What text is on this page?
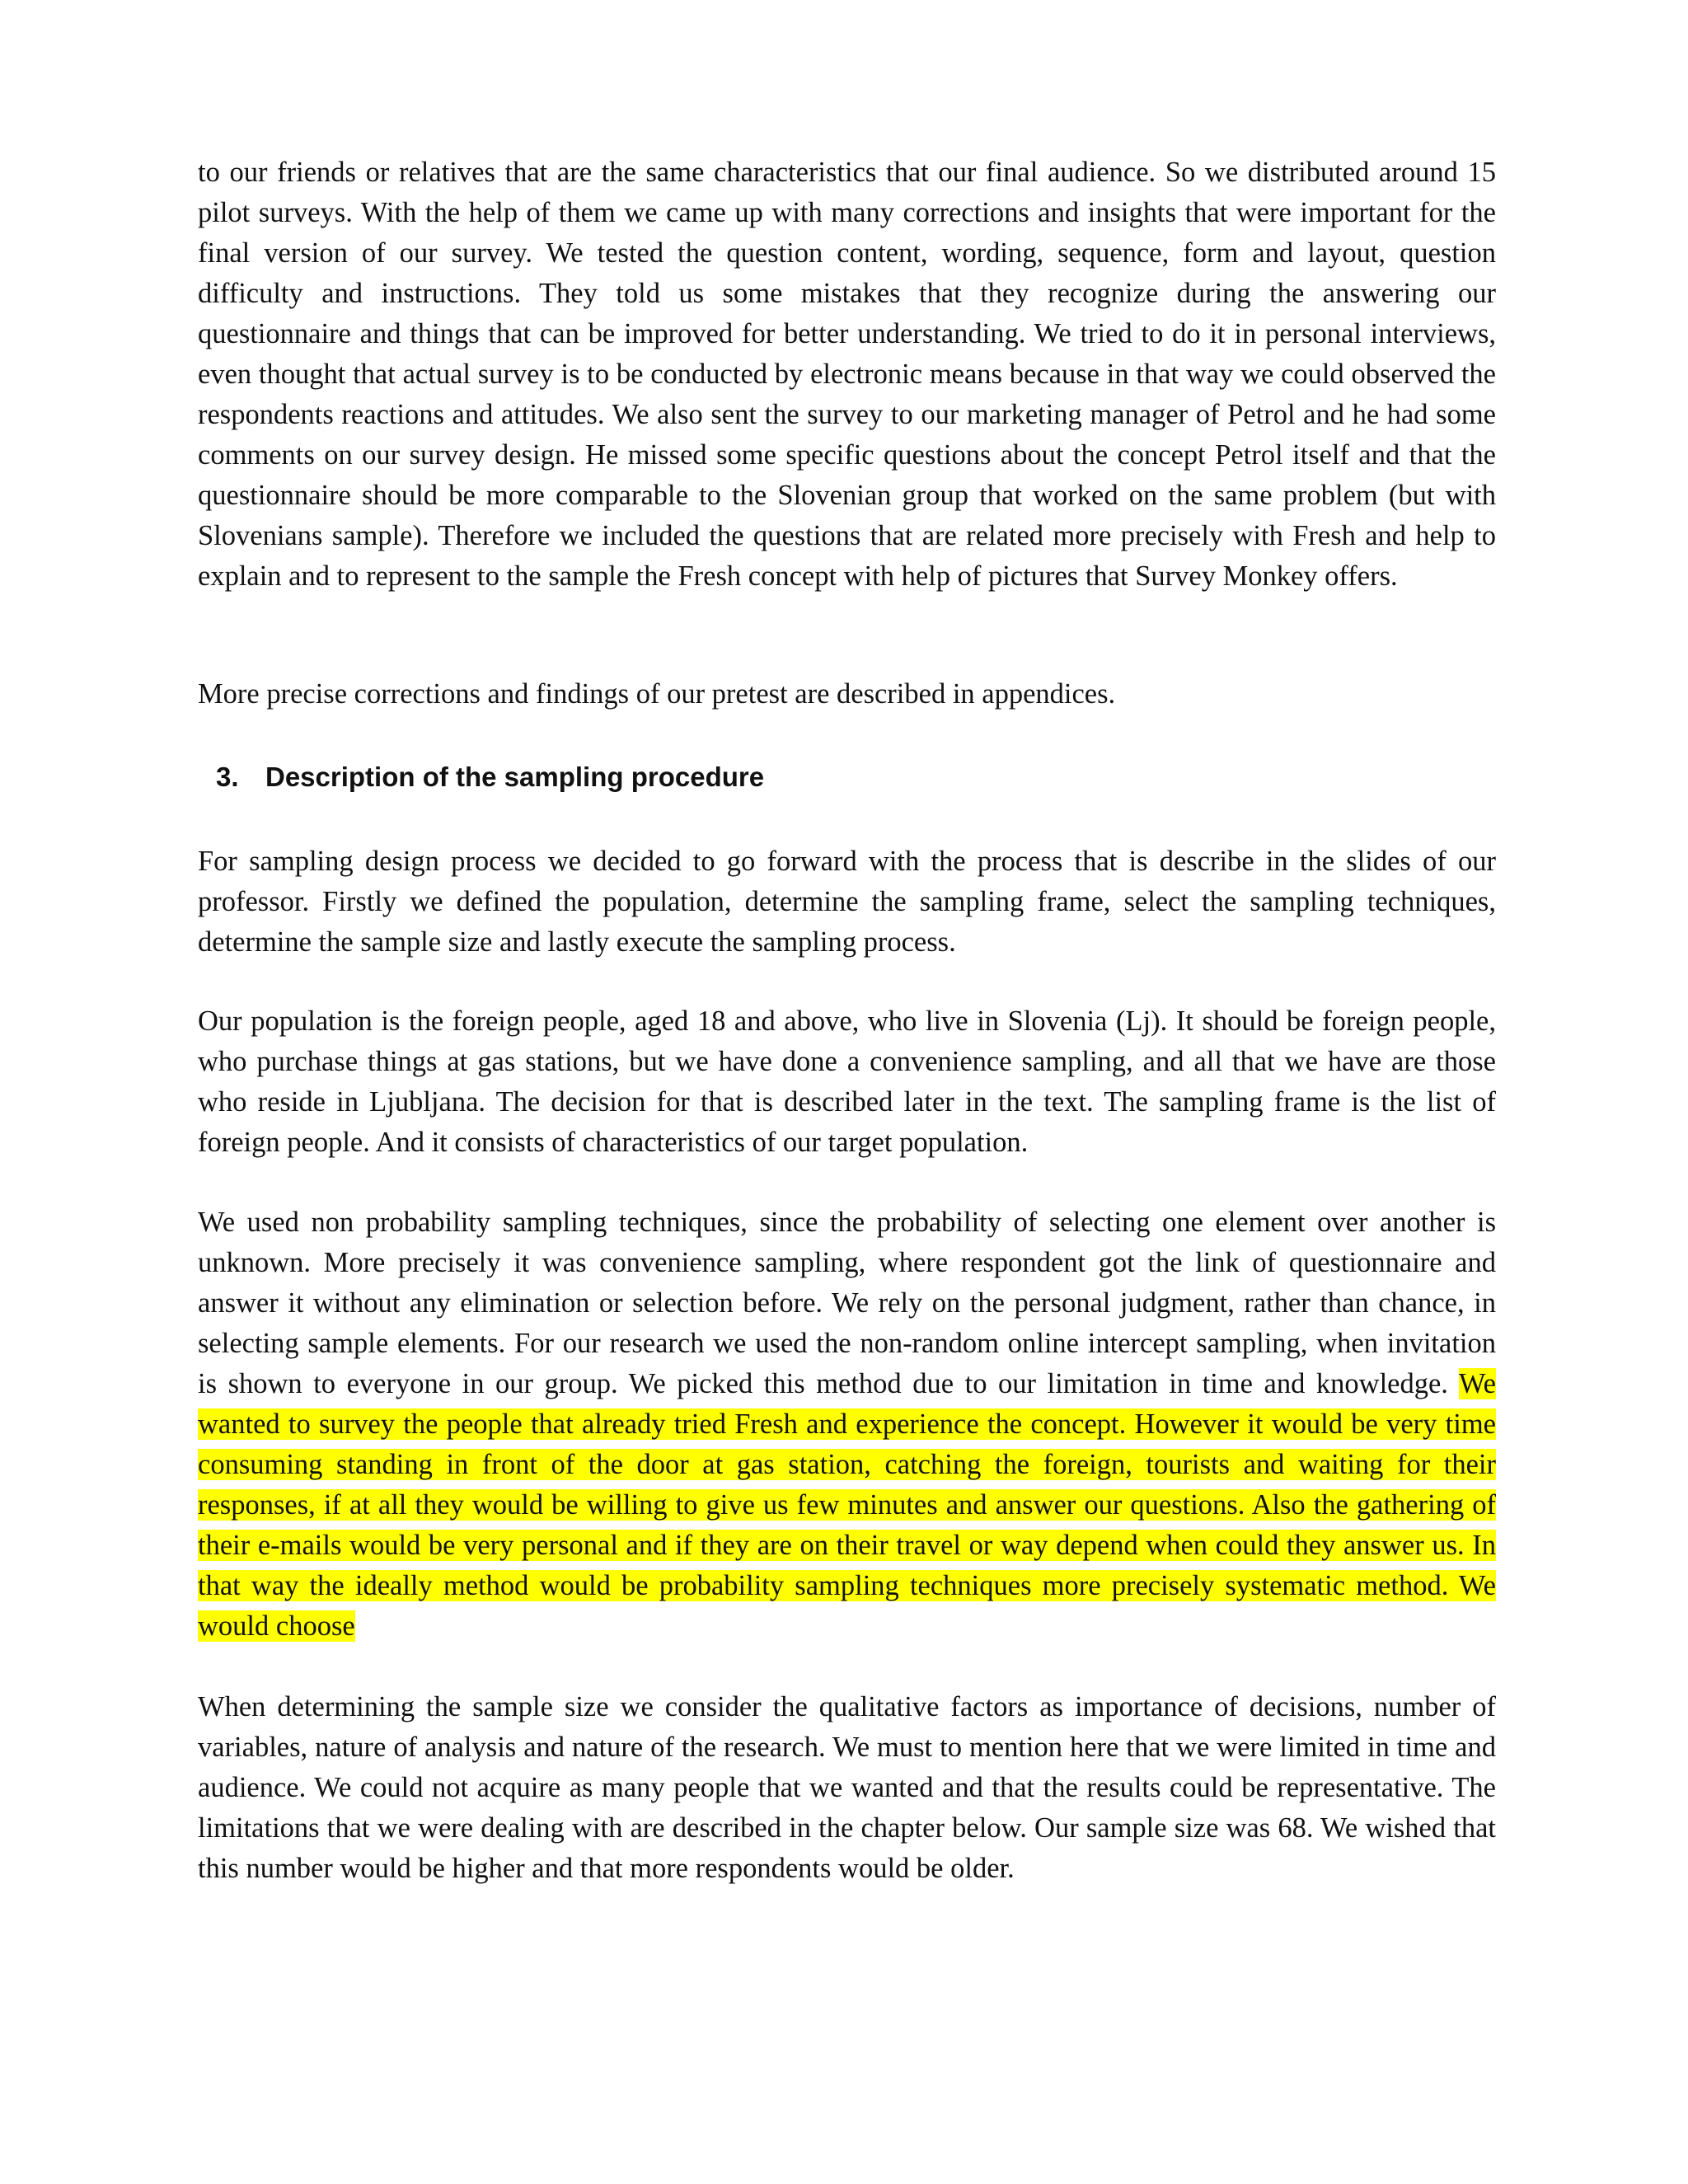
to our friends or relatives that are the same characteristics that our final audience. So we distributed around 15 pilot surveys. With the help of them we came up with many corrections and insights that were important for the final version of our survey. We tested the question content, wording, sequence, form and layout, question difficulty and instructions. They told us some mistakes that they recognize during the answering our questionnaire and things that can be improved for better understanding. We tried to do it in personal interviews, even thought that actual survey is to be conducted by electronic means because in that way we could observed the respondents reactions and attitudes. We also sent the survey to our marketing manager of Petrol and he had some comments on our survey design. He missed some specific questions about the concept Petrol itself and that the questionnaire should be more comparable to the Slovenian group that worked on the same problem (but with Slovenians sample). Therefore we included the questions that are related more precisely with Fresh and help to explain and to represent to the sample the Fresh concept with help of pictures that Survey Monkey offers.

More precise corrections and findings of our pretest are described in appendices.

3. Description of the sampling procedure

For sampling design process we decided to go forward with the process that is describe in the slides of our professor. Firstly we defined the population, determine the sampling frame, select the sampling techniques, determine the sample size and lastly execute the sampling process.

Our population is the foreign people, aged 18 and above, who live in Slovenia (Lj). It should be foreign people, who purchase things at gas stations, but we have done a convenience sampling, and all that we have are those who reside in Ljubljana. The decision for that is described later in the text. The sampling frame is the list of foreign people. And it consists of characteristics of our target population.

We used non probability sampling techniques, since the probability of selecting one element over another is unknown. More precisely it was convenience sampling, where respondent got the link of questionnaire and answer it without any elimination or selection before. We rely on the personal judgment, rather than chance, in selecting sample elements. For our research we used the non-random online intercept sampling, when invitation is shown to everyone in our group. We picked this method due to our limitation in time and knowledge. We wanted to survey the people that already tried Fresh and experience the concept. However it would be very time consuming standing in front of the door at gas station, catching the foreign, tourists and waiting for their responses, if at all they would be willing to give us few minutes and answer our questions. Also the gathering of their e-mails would be very personal and if they are on their travel or way depend when could they answer us. In that way the ideally method would be probability sampling techniques more precisely systematic method. We would choose

When determining the sample size we consider the qualitative factors as importance of decisions, number of variables, nature of analysis and nature of the research. We must to mention here that we were limited in time and audience. We could not acquire as many people that we wanted and that the results could be representative. The limitations that we were dealing with are described in the chapter below. Our sample size was 68. We wished that this number would be higher and that more respondents would be older.
